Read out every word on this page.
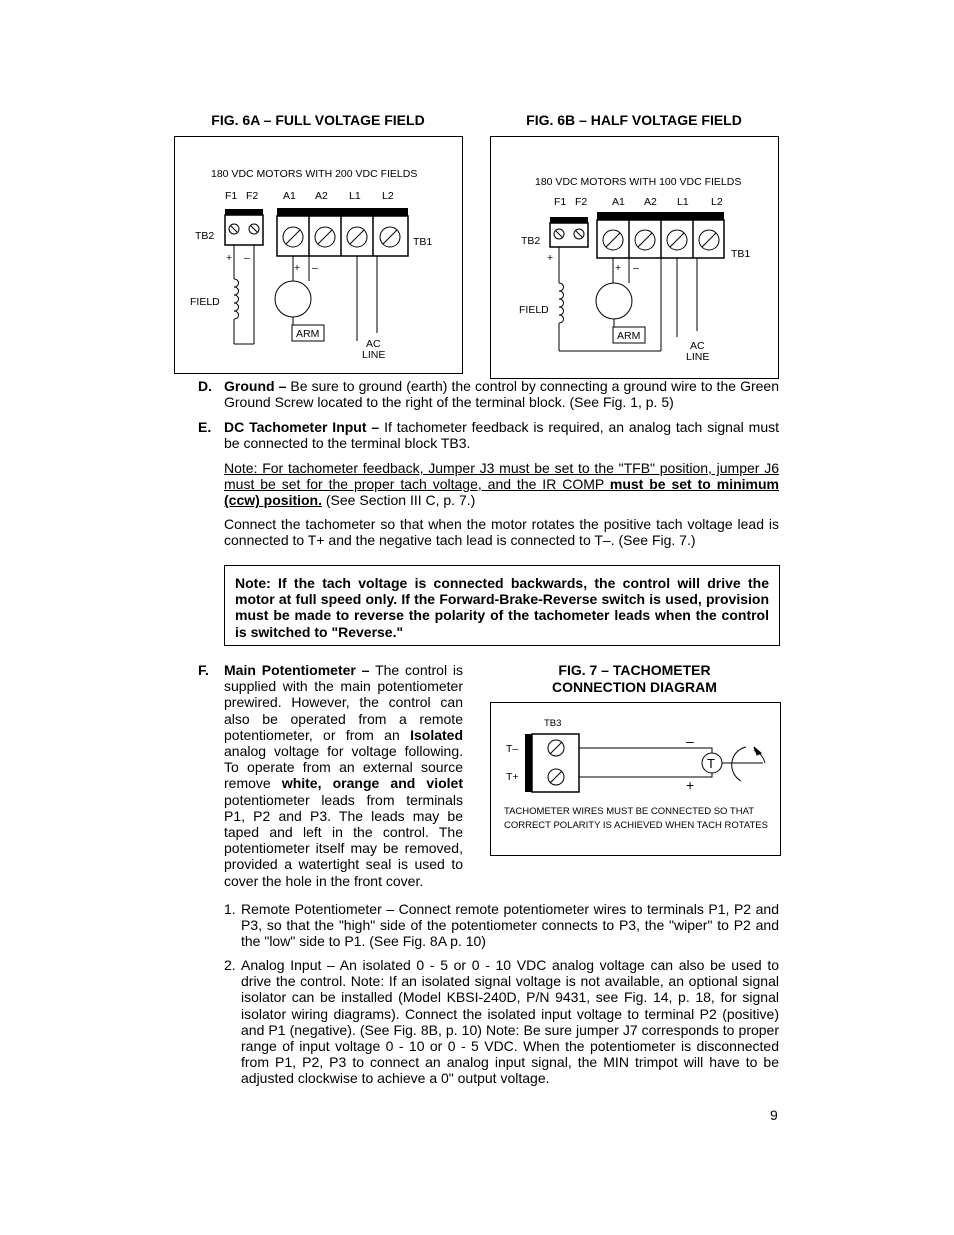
FIG. 6A – FULL VOLTAGE FIELD
180 VDC MOTORS WITH 200 VDC FIELDS
F1 F2 A1 A2 L1 L2
TB2	TB1
+ –
+ –
FIELD
ARM
AC
LINE
FIG. 6B – HALF VOLTAGE FIELD
180 VDC MOTORS WITH 100 VDC FIELDS
F1 F2 A1 A2 L1 L2
TB2
TB1
+
+ –
FIELD
ARM
AC
LINE
D. Ground – Be sure to ground (earth) the control by connecting a ground wire to the Green Ground Screw located to the right of the terminal block. (See Fig. 1, p. 5)
E. DC Tachometer Input – If tachometer feedback is required, an analog tach signal must be connected to the terminal block TB3.
Note: For tachometer feedback, Jumper J3 must be set to the "TFB" position, jumper J6 must be set for the proper tach voltage, and the IR COMP must be set to minimum (ccw) position. (See Section III C, p. 7.)
Connect the tachometer so that when the motor rotates the positive tach voltage lead is connected to T+ and the negative tach lead is connected to T–. (See Fig. 7.)
Note: If the tach voltage is connected backwards, the control will drive the motor at full speed only. If the Forward-Brake-Reverse switch is used, provision must be made to reverse the polarity of the tachometer leads when the control is switched to "Reverse."
F. Main Potentiometer – The control is supplied with the main potentiometer prewired. However, the control can also be operated from a remote potentiometer, or from an Isolated analog voltage for voltage following. To operate from an external source remove white, orange and violet potentiometer leads from terminals P1, P2 and P3. The leads may be taped and left in the control. The potentiometer itself may be removed, provided a watertight seal is used to cover the hole in the front cover.
FIG. 7 – TACHOMETER
CONNECTION DIAGRAM
TB3
T–
T+
–
+
T
TACHOMETER WIRES MUST BE CONNECTED SO THAT
CORRECT POLARITY IS ACHIEVED WHEN TACH ROTATES
1. Remote Potentiometer – Connect remote potentiometer wires to terminals P1, P2 and P3, so that the "high" side of the potentiometer connects to P3, the "wiper" to P2 and the "low" side to P1. (See Fig. 8A p. 10)
2. Analog Input – An isolated 0 - 5 or 0 - 10 VDC analog voltage can also be used to drive the control. Note: If an isolated signal voltage is not available, an optional signal isolator can be installed (Model KBSI-240D, P/N 9431, see Fig. 14, p. 18, for signal isolator wiring diagrams). Connect the isolated input voltage to terminal P2 (positive) and P1 (negative). (See Fig. 8B, p. 10) Note: Be sure jumper J7 corresponds to proper range of input voltage 0 - 10 or 0 - 5 VDC. When the potentiometer is disconnected from P1, P2, P3 to connect an analog input signal, the MIN trimpot will have to be adjusted clockwise to achieve a 0" output voltage.
9
